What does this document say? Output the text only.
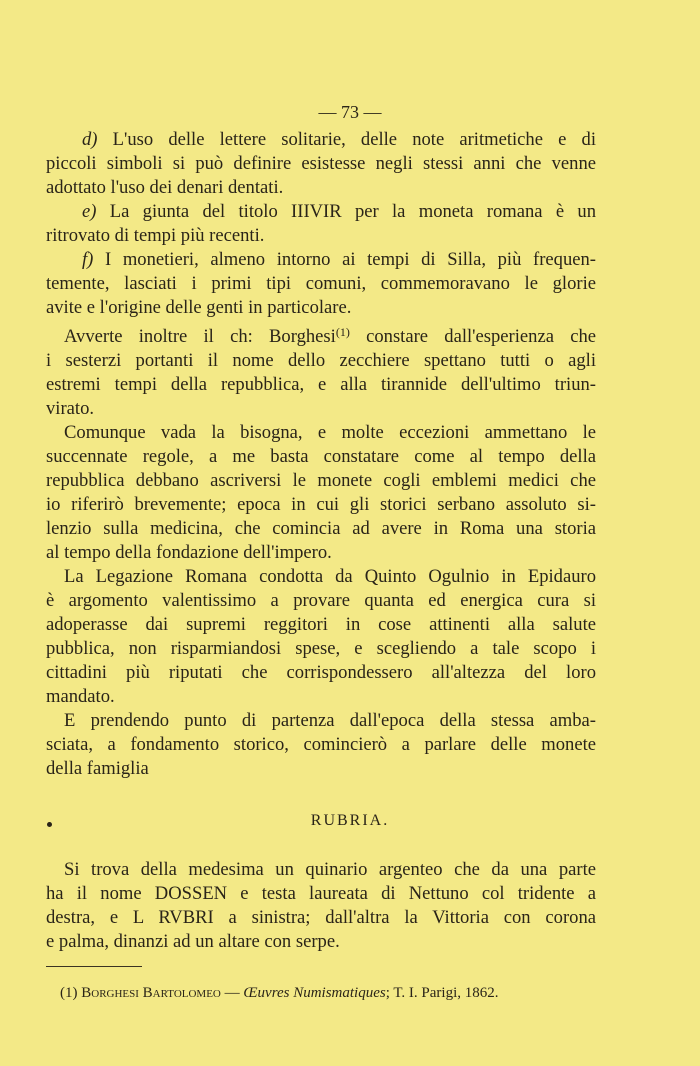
— 73 —
d) L'uso delle lettere solitarie, delle note aritmetiche e di
piccoli simboli si può definire esistesse negli stessi anni che venne
adottato l'uso dei denari dentati.
e) La giunta del titolo IIIVIR per la moneta romana è un
ritrovato di tempi più recenti.
f) I monetieri, almeno intorno ai tempi di Silla, più frequen-
temente, lasciati i primi tipi comuni, commemoravano le glorie
avite e l'origine delle genti in particolare.
Avverte inoltre il ch: Borghesi$^{(1)}$ constare dall'esperienza che
i sesterzi portanti il nome dello zecchiere spettano tutti o agli
estremi tempi della repubblica, e alla tirannide dell'ultimo triun-
virato.
Comunque vada la bisogna, e molte eccezioni ammettano le
succennate regole, a me basta constatare come al tempo della
repubblica debbano ascriversi le monete cogli emblemi medici che
io riferirò brevemente; epoca in cui gli storici serbano assoluto si-
lenzio sulla medicina, che comincia ad avere in Roma una storia
al tempo della fondazione dell'impero.
La Legazione Romana condotta da Quinto Ogulnio in Epidauro
è argomento valentissimo a provare quanta ed energica cura si
adoperasse dai supremi reggitori in cose attinenti alla salute
pubblica, non risparmiandosi spese, e scegliendo a tale scopo i
cittadini più riputati che corrispondessero all'altezza del loro
mandato.
E prendendo punto di partenza dall'epoca della stessa amba-
sciata, a fondamento storico, comincierò a parlare delle monete
della famiglia
RUBRIA.
Si trova della medesima un quinario argenteo che da una parte
ha il nome DOSSEN e testa laureata di Nettuno col tridente a
destra, e L RVBRI a sinistra; dall'altra la Vittoria con corona
e palma, dinanzi ad un altare con serpe.
(1) Borghesi Bartolomeo — Œuvres Numismatiques; T. I. Parigi, 1862.
